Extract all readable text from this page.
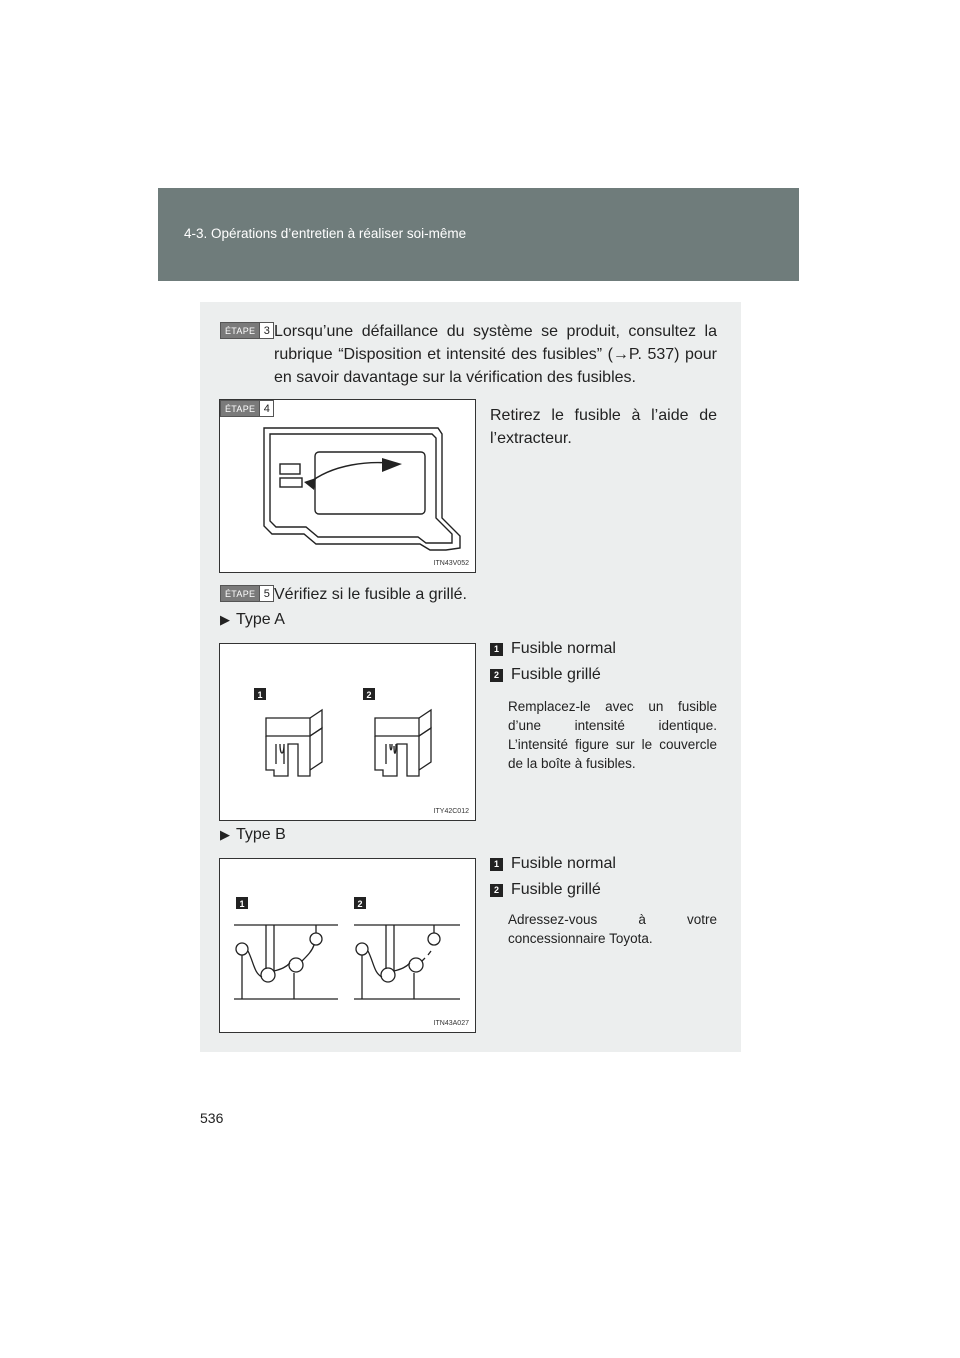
4-3. Opérations d’entretien à réaliser soi-même
ÉTAPE 3 Lorsqu’une défaillance du système se produit, consultez la rubrique “Disposition et intensité des fusibles” (→P. 537) pour en savoir davantage sur la vérification des fusibles.
ÉTAPE 4
ITN43V052
Retirez le fusible à l’aide de l’extracteur.
ÉTAPE 5 Vérifiez si le fusible a grillé.
▶ Type A
1	2
ITY42C012
1 Fusible normal
2 Fusible grillé
Remplacez-le avec un fusible d’une intensité identique. L’intensité figure sur le couvercle de la boîte à fusibles.
▶ Type B
1	2
ITN43A027
1 Fusible normal
2 Fusible grillé
Adressez-vous à votre concessionnaire Toyota.
536
